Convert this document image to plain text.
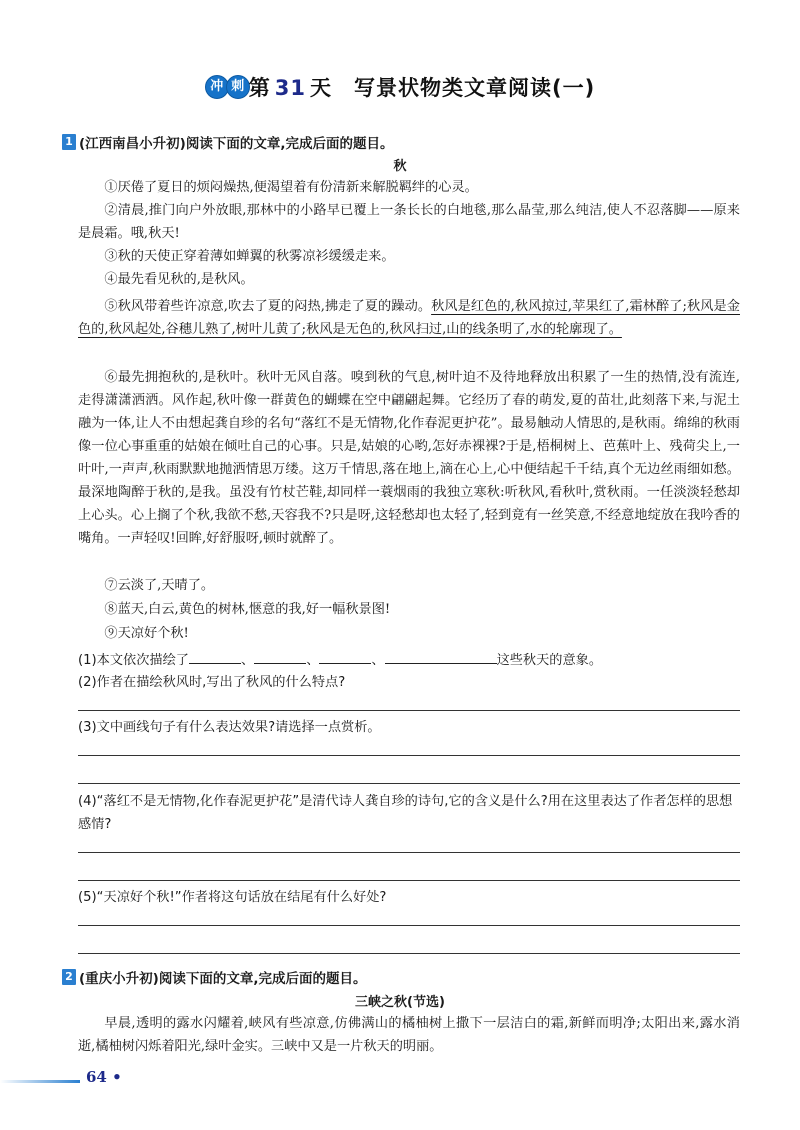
冲 刺 第 31 天 写景状物类文章阅读(一)
1 (江西南昌小升初)阅读下面的文章,完成后面的题目。
秋
①厌倦了夏日的烦闷燥热,便渴望着有份清新来解脱羁绊的心灵。
②清晨,推门向户外放眼,那林中的小路早已覆上一条长长的白地毯,那么晶莹,那么纯洁,使人不忍落脚——原来是晨霜。哦,秋天!
③秋的天使正穿着薄如蝉翼的秋雾凉衫缓缓走来。
④最先看见秋的,是秋风。
⑤秋风带着些许凉意,吹去了夏的闷热,拂走了夏的躁动。秋风是红色的,秋风掠过,苹果红了,霜林醉了;秋风是金色的,秋风起处,谷穗儿熟了,树叶儿黄了;秋风是无色的,秋风扫过,山的线条明了,水的轮廓现了。
⑥最先拥抱秋的,是秋叶。秋叶无风自落。嗅到秋的气息,树叶迫不及待地释放出积累了一生的热情,没有流连,走得潇潇洒洒。风作起,秋叶像一群黄色的蝴蝶在空中翩翩起舞。它经历了春的萌发,夏的苗壮,此刻落下来,与泥土融为一体,让人不由想起龚自珍的名句“落红不是无情物,化作春泥更护花”。最易触动人情思的,是秋雨。绵绵的秋雨像一位心事重重的姑娘在倾吐自己的心事。只是,姑娘的心哟,怎好赤裸裸?于是,梧桐树上、芭蕉叶上、残荷尖上,一叶叶,一声声,秋雨默默地抛洒情思万缕。这万千情思,落在地上,滴在心上,心中便结起千千结,真个无边丝雨细如愁。最深地陶醉于秋的,是我。虽没有竹杖芒鞋,却同样一蓑烟雨的我独立寒秋:听秋风,看秋叶,赏秋雨。一任淡淡轻愁却上心头。心上搁了个秋,我欲不愁,天容我不?只是呀,这轻愁却也太轻了,轻到竟有一丝笑意,不经意地绽放在我吟香的嘴角。一声轻叹!回眸,好舒服呀,顿时就醉了。
⑦云淡了,天晴了。
⑧蓝天,白云,黄色的树林,惬意的我,好一幅秋景图!
⑨天凉好个秋!
(1)本文依次描绘了	、	、	、	这些秋天的意象。
(2)作者在描绘秋风时,写出了秋风的什么特点?
(3)文中画线句子有什么表达效果?请选择一点赏析。
(4)“落红不是无情物,化作春泥更护花”是清代诗人龚自珍的诗句,它的含义是什么?用在这里表达了作者怎样的思想感情?
(5)“天凉好个秋!”作者将这句话放在结尾有什么好处?
2 (重庆小升初)阅读下面的文章,完成后面的题目。
三峡之秋(节选)
早晨,透明的露水闪耀着,峡风有些凉意,仿佛满山的橘柚树上撒下一层洁白的霜,新鲜而明净;太阳出来,露水消逝,橘柚树闪烁着阳光,绿叶金实。三峡中又是一片秋天的明丽。
64 •
